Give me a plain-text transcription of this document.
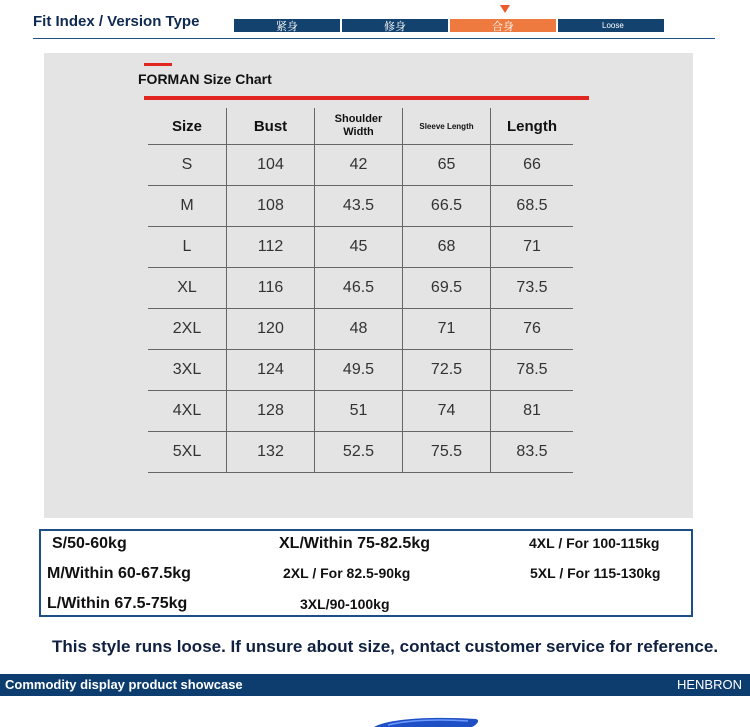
Fit Index / Version Type	紧身	修身	合身	Loose
FORMAN Size Chart
Size	Bust	Shoulder Width	Sleeve Length	Length
S	104	42	65	66
M	108	43.5	66.5	68.5
L	112	45	68	71
XL	116	46.5	69.5	73.5
2XL	120	48	71	76
3XL	124	49.5	72.5	78.5
4XL	128	51	74	81
5XL	132	52.5	75.5	83.5
S/50-60kg
M/Within 60-67.5kg
L/Within 67.5-75kg
XL/Within 75-82.5kg
2XL / For 82.5-90kg
3XL/90-100kg
4XL / For 100-115kg
5XL / For 115-130kg
This style runs loose. If unsure about size, contact customer service for reference.
Commodity display product showcase	HENBRON
